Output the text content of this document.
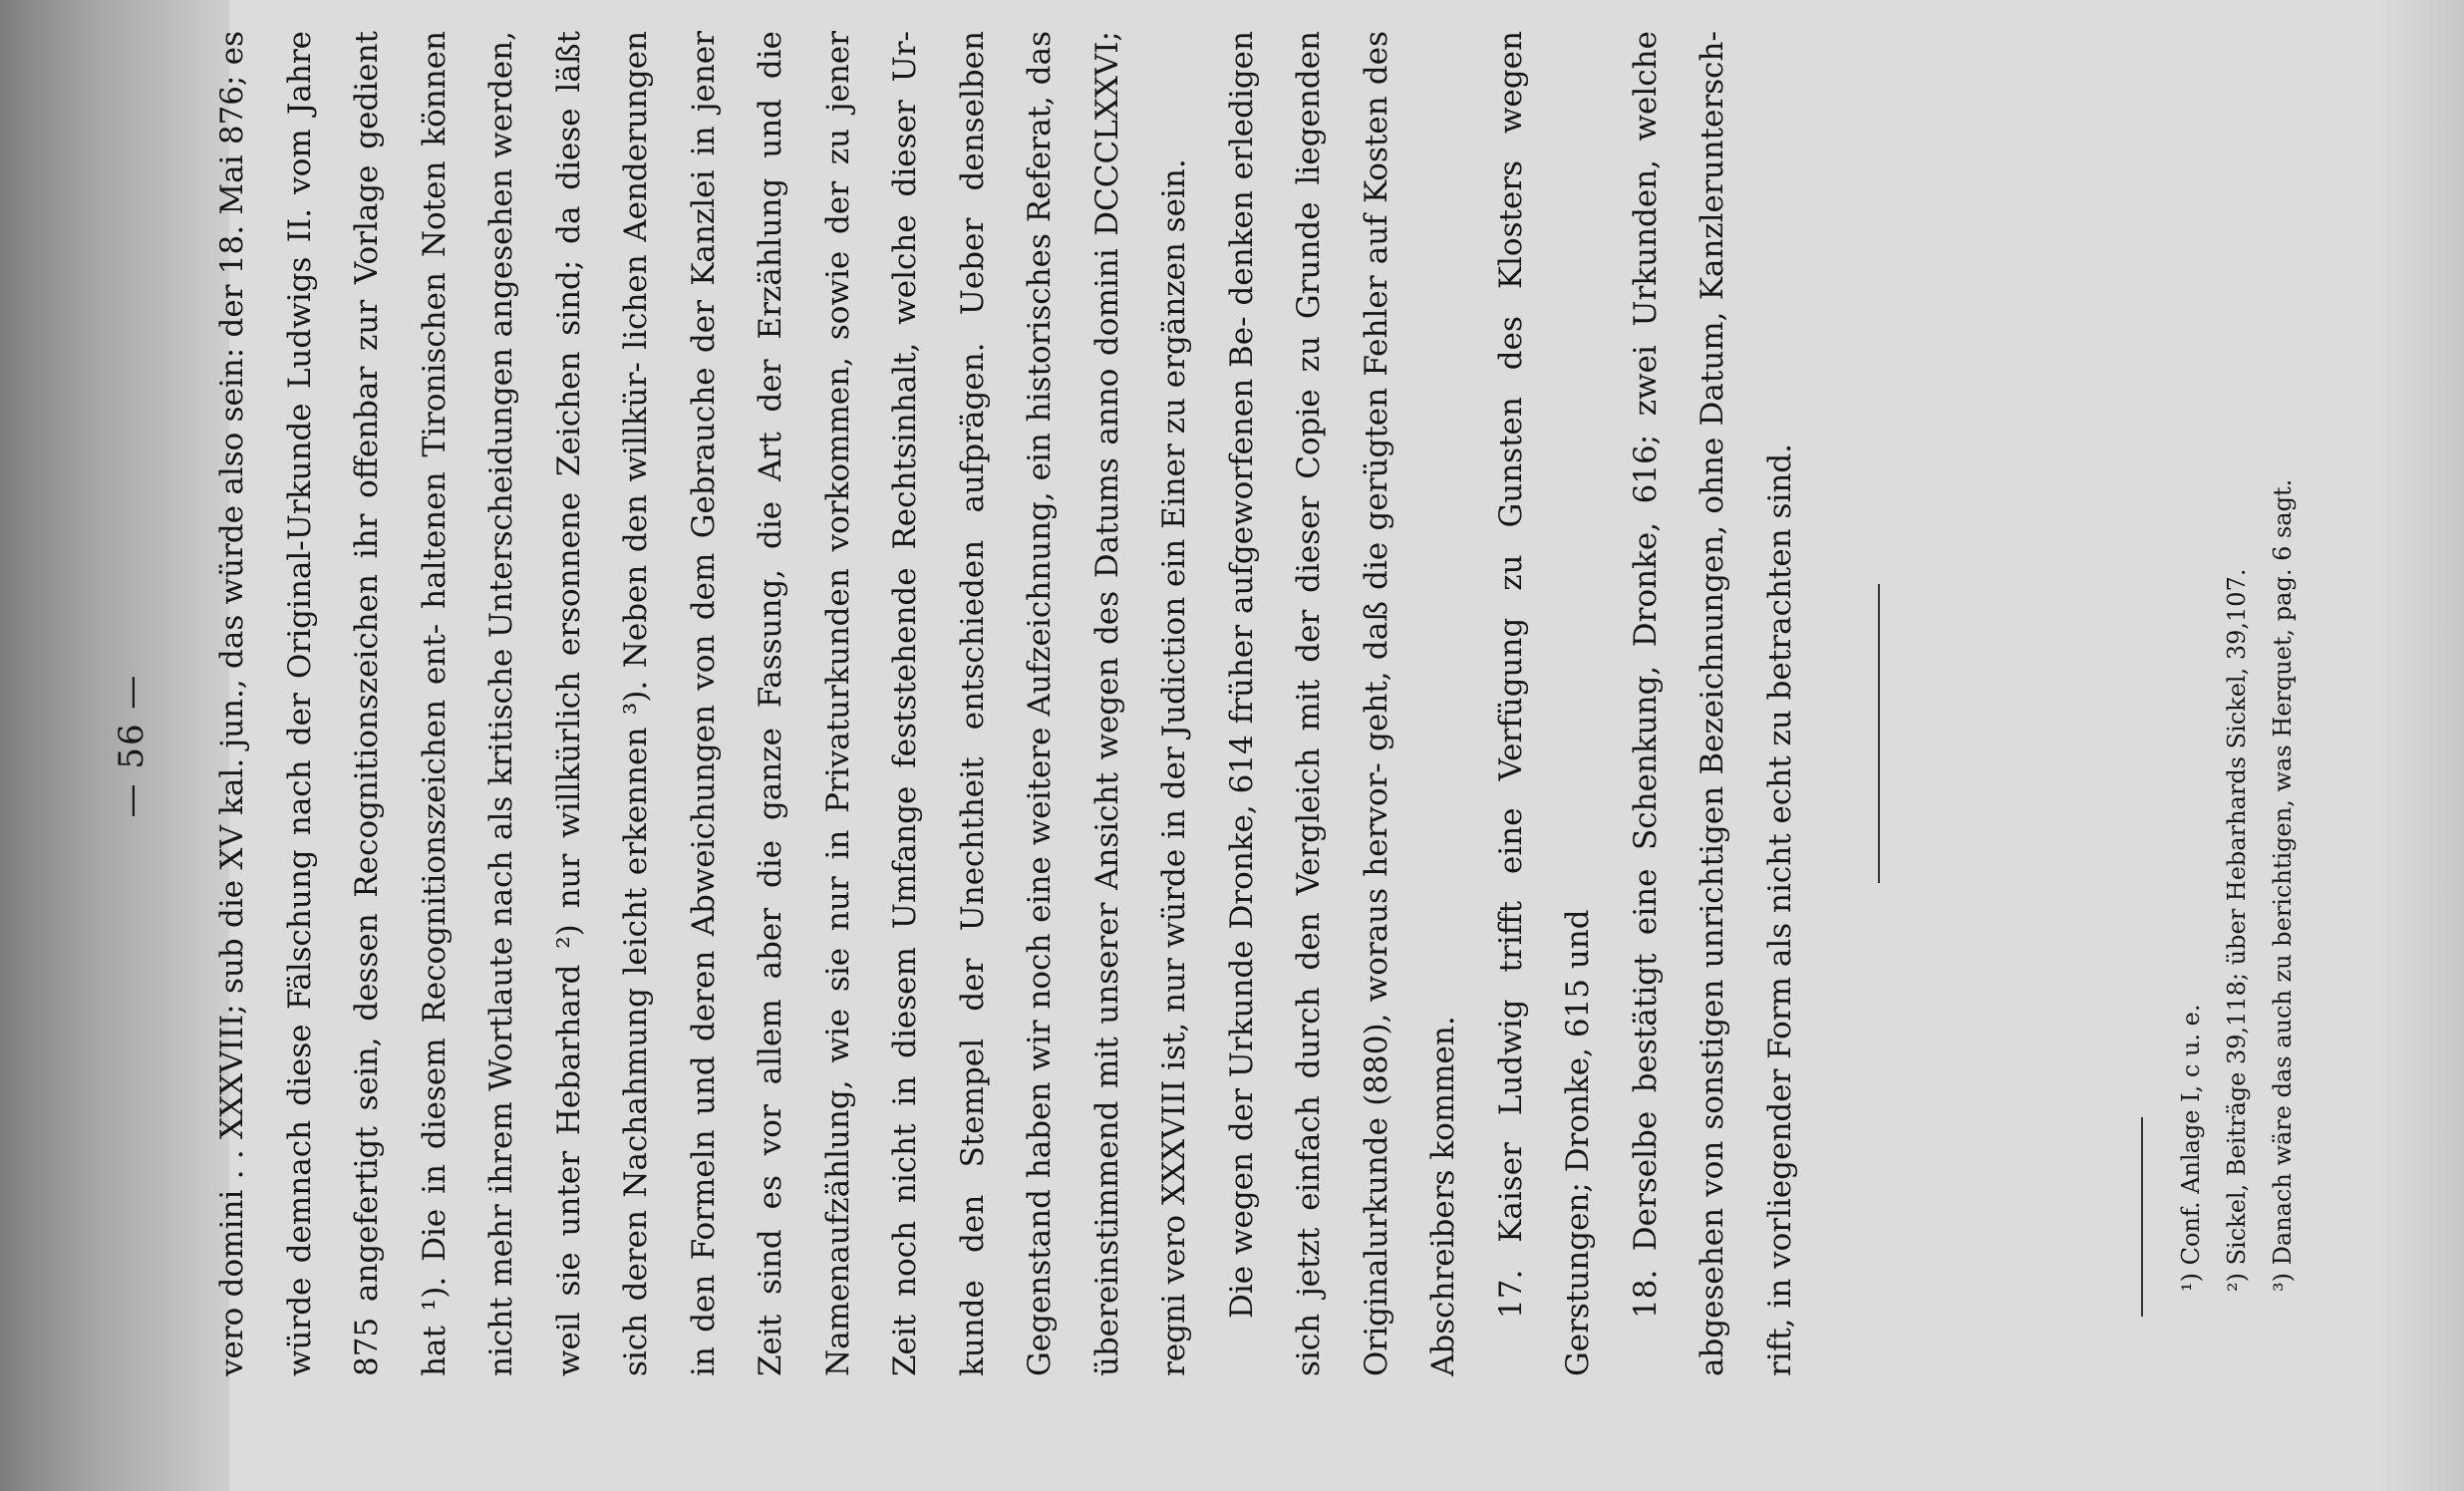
— 56 —	vero domini . . XXXVIII; sub die XV kal. jun., das würde also sein: der 18. Mai 876; es würde demnach diese Fälschung nach der Original-Urkunde Ludwigs II. vom Jahre 875 angefertigt sein, dessen Recognitionszeichen ihr offenbar zur Vorlage gedient hat ¹). Die in diesem Recognitionszeichen ent- haltenen Tironischen Noten können nicht mehr ihrem Wortlaute nach als kritische Unterscheidungen angesehen werden, weil sie unter Hebarhard ²) nur willkürlich ersonnene Zeichen sind; da diese läßt sich deren Nachahmung leicht erkennen ³). Neben den willkür- lichen Aenderungen in den Formeln und deren Abweichungen von dem Gebrauche der Kanzlei in jener Zeit sind es vor allem aber die ganze Fassung, die Art der Erzählung und die Namenaufzählung, wie sie nur in Privaturkunden vorkommen, sowie der zu jener Zeit noch nicht in diesem Umfange feststehende Rechtsinhalt, welche dieser Ur- kunde den Stempel der Unechtheit entschieden aufprägen. Ueber denselben Gegenstand haben wir noch eine weitere Aufzeichnung, ein historisches Referat, das übereinstimmend mit unserer Ansicht wegen des Datums anno domini DCCCLXXVI; regni vero XXXVIII ist, nur würde in der Judiction ein Einer zu ergänzen sein.	Die wegen der Urkunde Dronke, 614 früher aufgeworfenen Be- denken erledigen sich jetzt einfach durch den Vergleich mit der dieser Copie zu Grunde liegenden Originalurkunde (880), woraus hervor- geht, daß die gerügten Fehler auf Kosten des Abschreibers kommen.	17. Kaiser Ludwig trifft eine Verfügung zu Gunsten des Klosters wegen Gerstungen; Dronke, 615 und	18. Derselbe bestätigt eine Schenkung, Dronke, 616; zwei Urkunden, welche abgesehen von sonstigen unrichtigen Bezeichnungen, ohne Datum, Kanzlerunterschrift, in vorliegender Form als nicht echt zu betrachten sind.	¹) Conf. Anlage I, c u. e. ²) Sickel, Beiträge 39,118; über Hebarhards Sickel, 39,107. ³) Danach wäre das auch zu berichtigen, was Herquet, pag. 6 sagt.
